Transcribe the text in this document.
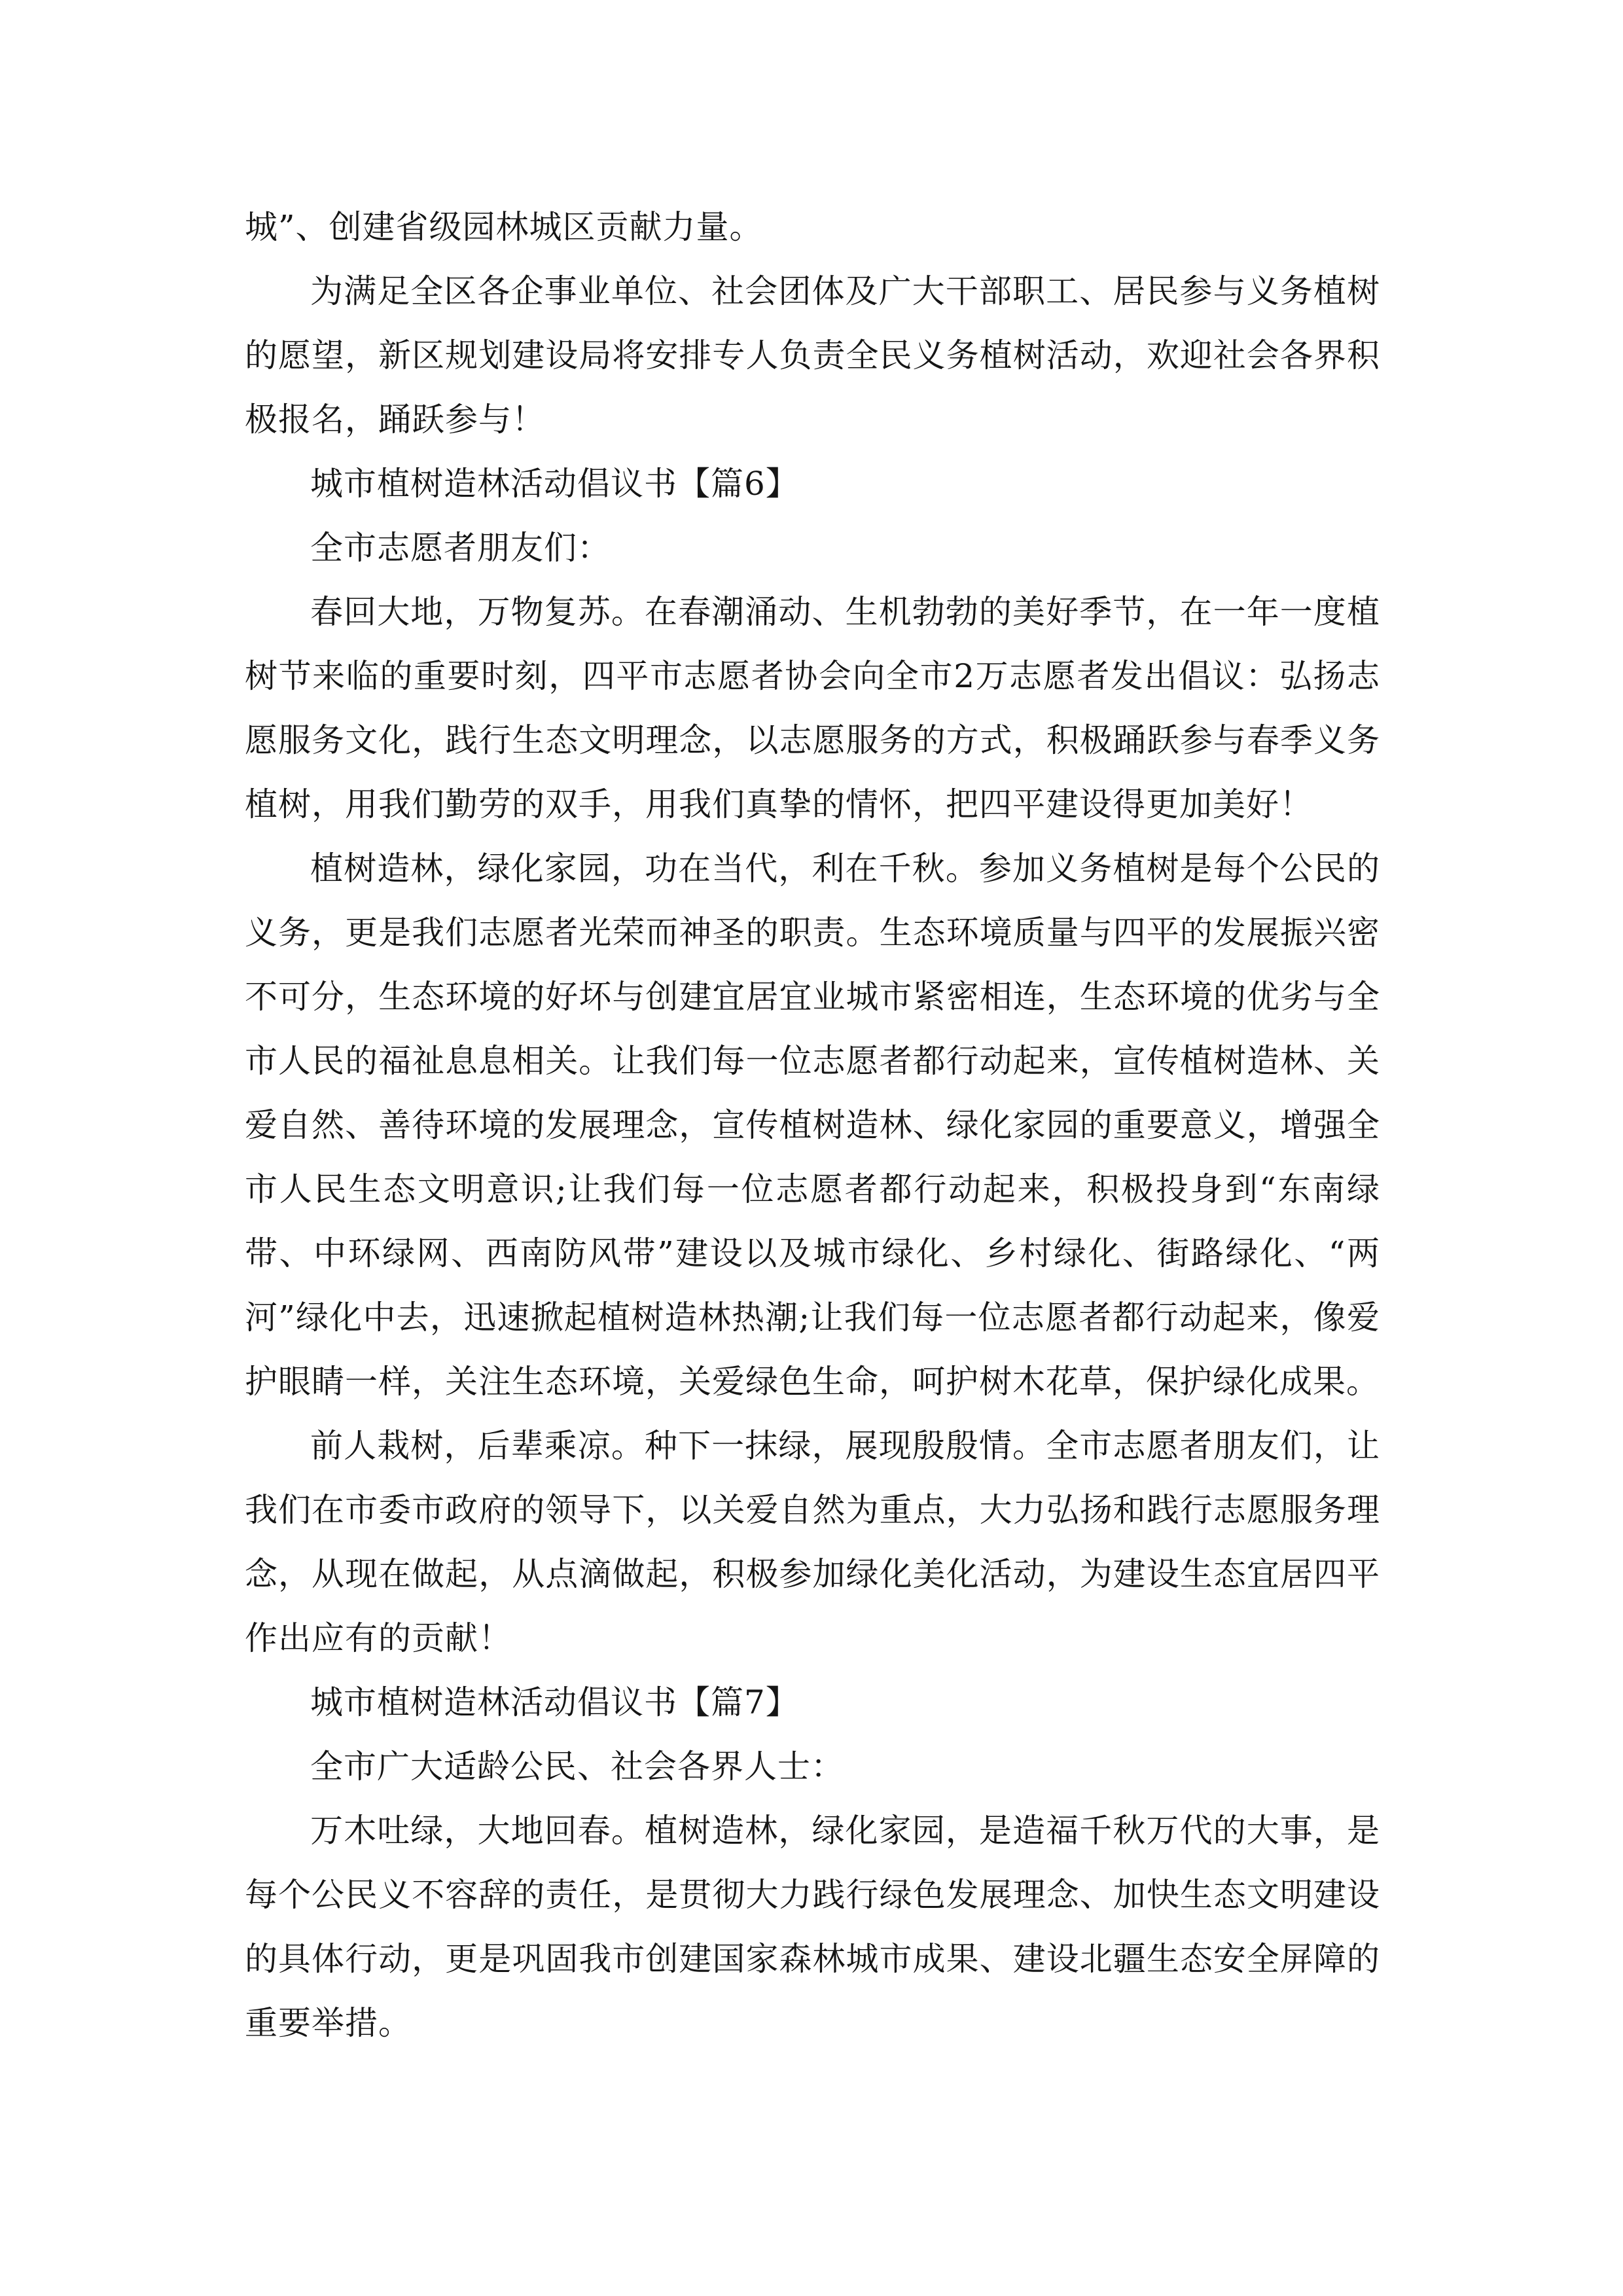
城”、创建省级园林城区贡献力量。

为满足全区各企事业单位、社会团体及广大干部职工、居民参与义务植树的愿望，新区规划建设局将安排专人负责全民义务植树活动，欢迎社会各界积极报名，踊跃参与！

城市植树造林活动倡议书【篇6】

全市志愿者朋友们：

春回大地，万物复苏。在春潮涌动、生机勃勃的美好季节，在一年一度植树节来临的重要时刻，四平市志愿者协会向全市2万志愿者发出倡议：弘扬志愿服务文化，践行生态文明理念，以志愿服务的方式，积极踊跃参与春季义务植树，用我们勤劳的双手，用我们真挚的情怀，把四平建设得更加美好！

植树造林，绿化家园，功在当代，利在千秋。参加义务植树是每个公民的义务，更是我们志愿者光荣而神圣的职责。生态环境质量与四平的发展振兴密不可分，生态环境的好坏与创建宜居宜业城市紧密相连，生态环境的优劣与全市人民的福祉息息相关。让我们每一位志愿者都行动起来，宣传植树造林、关爱自然、善待环境的发展理念，宣传植树造林、绿化家园的重要意义，增强全市人民生态文明意识;让我们每一位志愿者都行动起来，积极投身到“东南绿带、中环绿网、西南防风带”建设以及城市绿化、乡村绿化、街路绿化、“两河”绿化中去，迅速掀起植树造林热潮;让我们每一位志愿者都行动起来，像爱护眼睛一样，关注生态环境，关爱绿色生命，呵护树木花草，保护绿化成果。

前人栽树，后辈乘凉。种下一抹绿，展现殷殷情。全市志愿者朋友们，让我们在市委市政府的领导下，以关爱自然为重点，大力弘扬和践行志愿服务理念，从现在做起，从点滴做起，积极参加绿化美化活动，为建设生态宜居四平作出应有的贡献！

城市植树造林活动倡议书【篇7】

全市广大适龄公民、社会各界人士：

万木吐绿，大地回春。植树造林，绿化家园，是造福千秋万代的大事，是每个公民义不容辞的责任，是贯彻大力践行绿色发展理念、加快生态文明建设的具体行动，更是巩固我市创建国家森林城市成果、建设北疆生态安全屏障的重要举措。
